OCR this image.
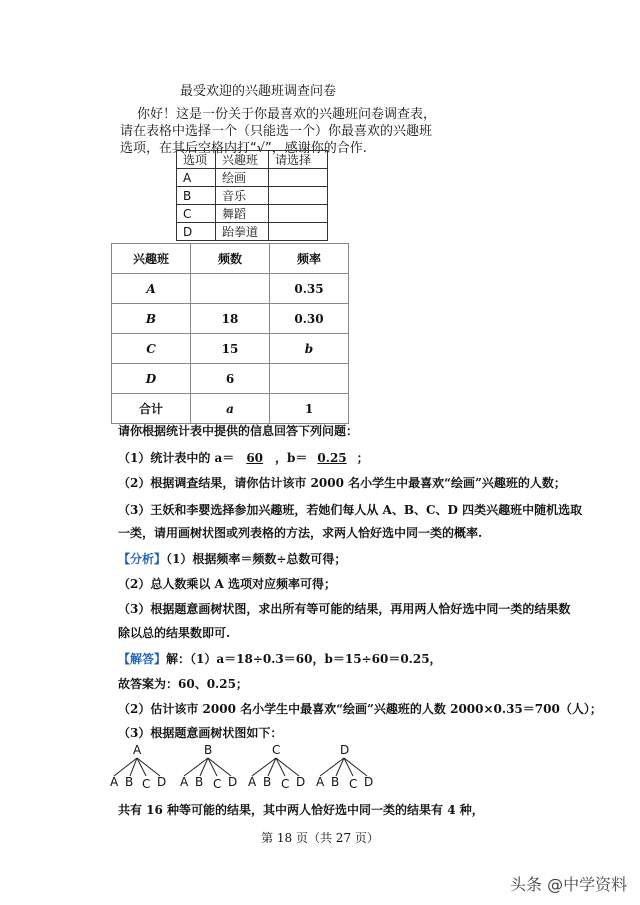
最受欢迎的兴趣班调查问卷
你好！这是一份关于你最喜欢的兴趣班问卷调查表，
请在表格中选择一个（只能选一个）你最喜欢的兴趣班
选项，在其后空格内打“√”，感谢你的合作.
选项	兴趣班	请选择
A	绘画	
B	音乐	
C	舞蹈	
D	跆拳道	
兴趣班	频数	频率
A		0.35
B	18	0.30
C	15	b
D	6	
合计	a	1
请你根据统计表中提供的信息回答下列问题：
（1）统计表中的 a＝ 60 ，b＝ 0.25 ；
（2）根据调查结果，请你估计该市 2000 名小学生中最喜欢“绘画”兴趣班的人数；
（3）王妖和李婴选择参加兴趣班，若她们每人从 A、B、C、D 四类兴趣班中随机选取
一类，请用画树状图或列表格的方法，求两人恰好选中同一类的概率.
【分析】（1）根据频率＝频数÷总数可得；
（2）总人数乘以 A 选项对应频率可得；
（3）根据题意画树状图，求出所有等可能的结果，再用两人恰好选中同一类的结果数
除以总的结果数即可.
【解答】解：（1）a＝18÷0.3＝60，b＝15÷60＝0.25，
故答案为：60、0.25；
（2）估计该市 2000 名小学生中最喜欢“绘画”兴趣班的人数 2000×0.35＝700（人）；
（3）根据题意画树状图如下：
A
A B C D
B
A B C D
C
A B C D
D
A B C D
共有 16 种等可能的结果，其中两人恰好选中同一类的结果有 4 种，
第 18 页（共 27 页）
头条 @中学资料
